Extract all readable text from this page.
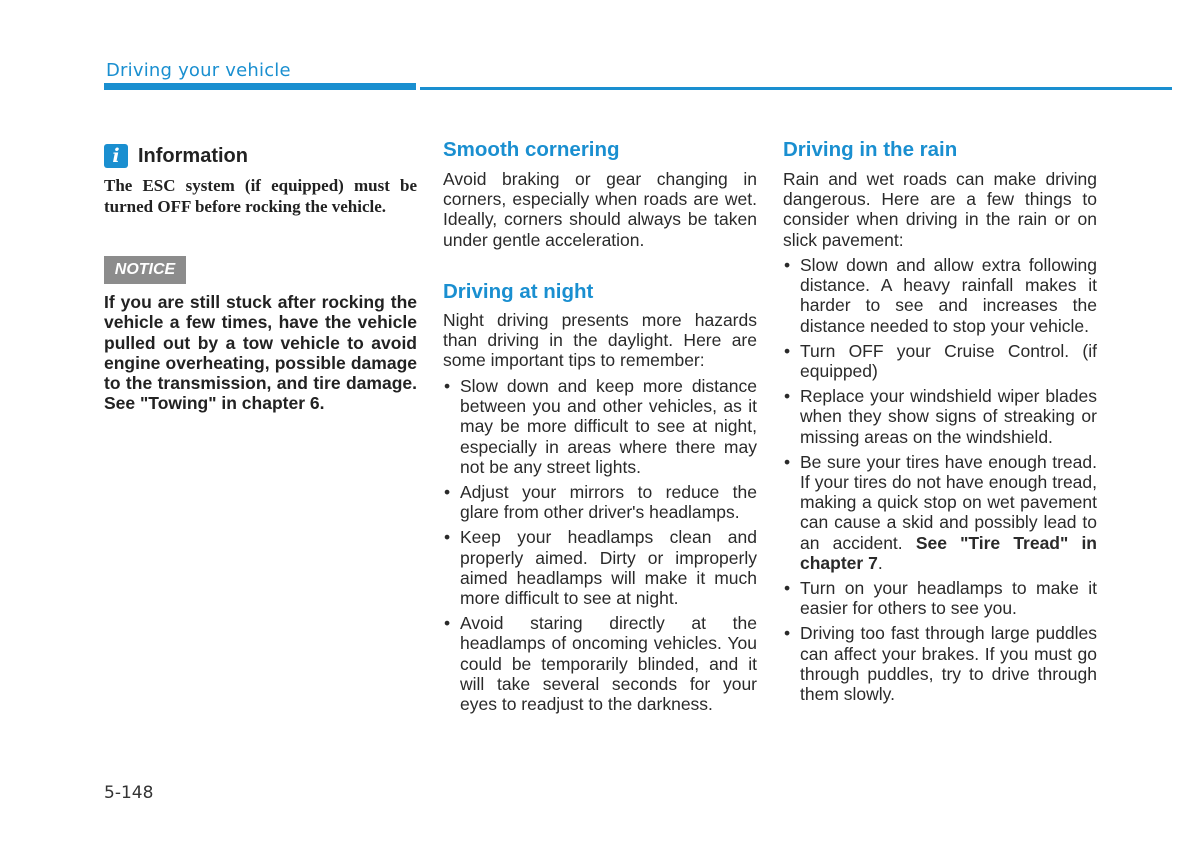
Driving your vehicle
i Information
The ESC system (if equipped) must be turned OFF before rocking the vehicle.
NOTICE
If you are still stuck after rocking the vehicle a few times, have the vehicle pulled out by a tow vehicle to avoid engine overheating, possible damage to the transmission, and tire damage. See "Towing" in chapter 6.
Smooth cornering
Avoid braking or gear changing in corners, especially when roads are wet. Ideally, corners should always be taken under gentle acceleration.
Driving at night
Night driving presents more hazards than driving in the daylight. Here are some important tips to remember:
• Slow down and keep more distance between you and other vehicles, as it may be more difficult to see at night, especially in areas where there may not be any street lights.
• Adjust your mirrors to reduce the glare from other driver's headlamps.
• Keep your headlamps clean and properly aimed. Dirty or improperly aimed headlamps will make it much more difficult to see at night.
• Avoid staring directly at the headlamps of oncoming vehicles. You could be temporarily blinded, and it will take several seconds for your eyes to readjust to the darkness.
Driving in the rain
Rain and wet roads can make driving dangerous. Here are a few things to consider when driving in the rain or on slick pavement:
• Slow down and allow extra following distance. A heavy rainfall makes it harder to see and increases the distance needed to stop your vehicle.
• Turn OFF your Cruise Control. (if equipped)
• Replace your windshield wiper blades when they show signs of streaking or missing areas on the windshield.
• Be sure your tires have enough tread. If your tires do not have enough tread, making a quick stop on wet pavement can cause a skid and possibly lead to an accident. See "Tire Tread" in chapter 7.
• Turn on your headlamps to make it easier for others to see you.
• Driving too fast through large puddles can affect your brakes. If you must go through puddles, try to drive through them slowly.
5-148
